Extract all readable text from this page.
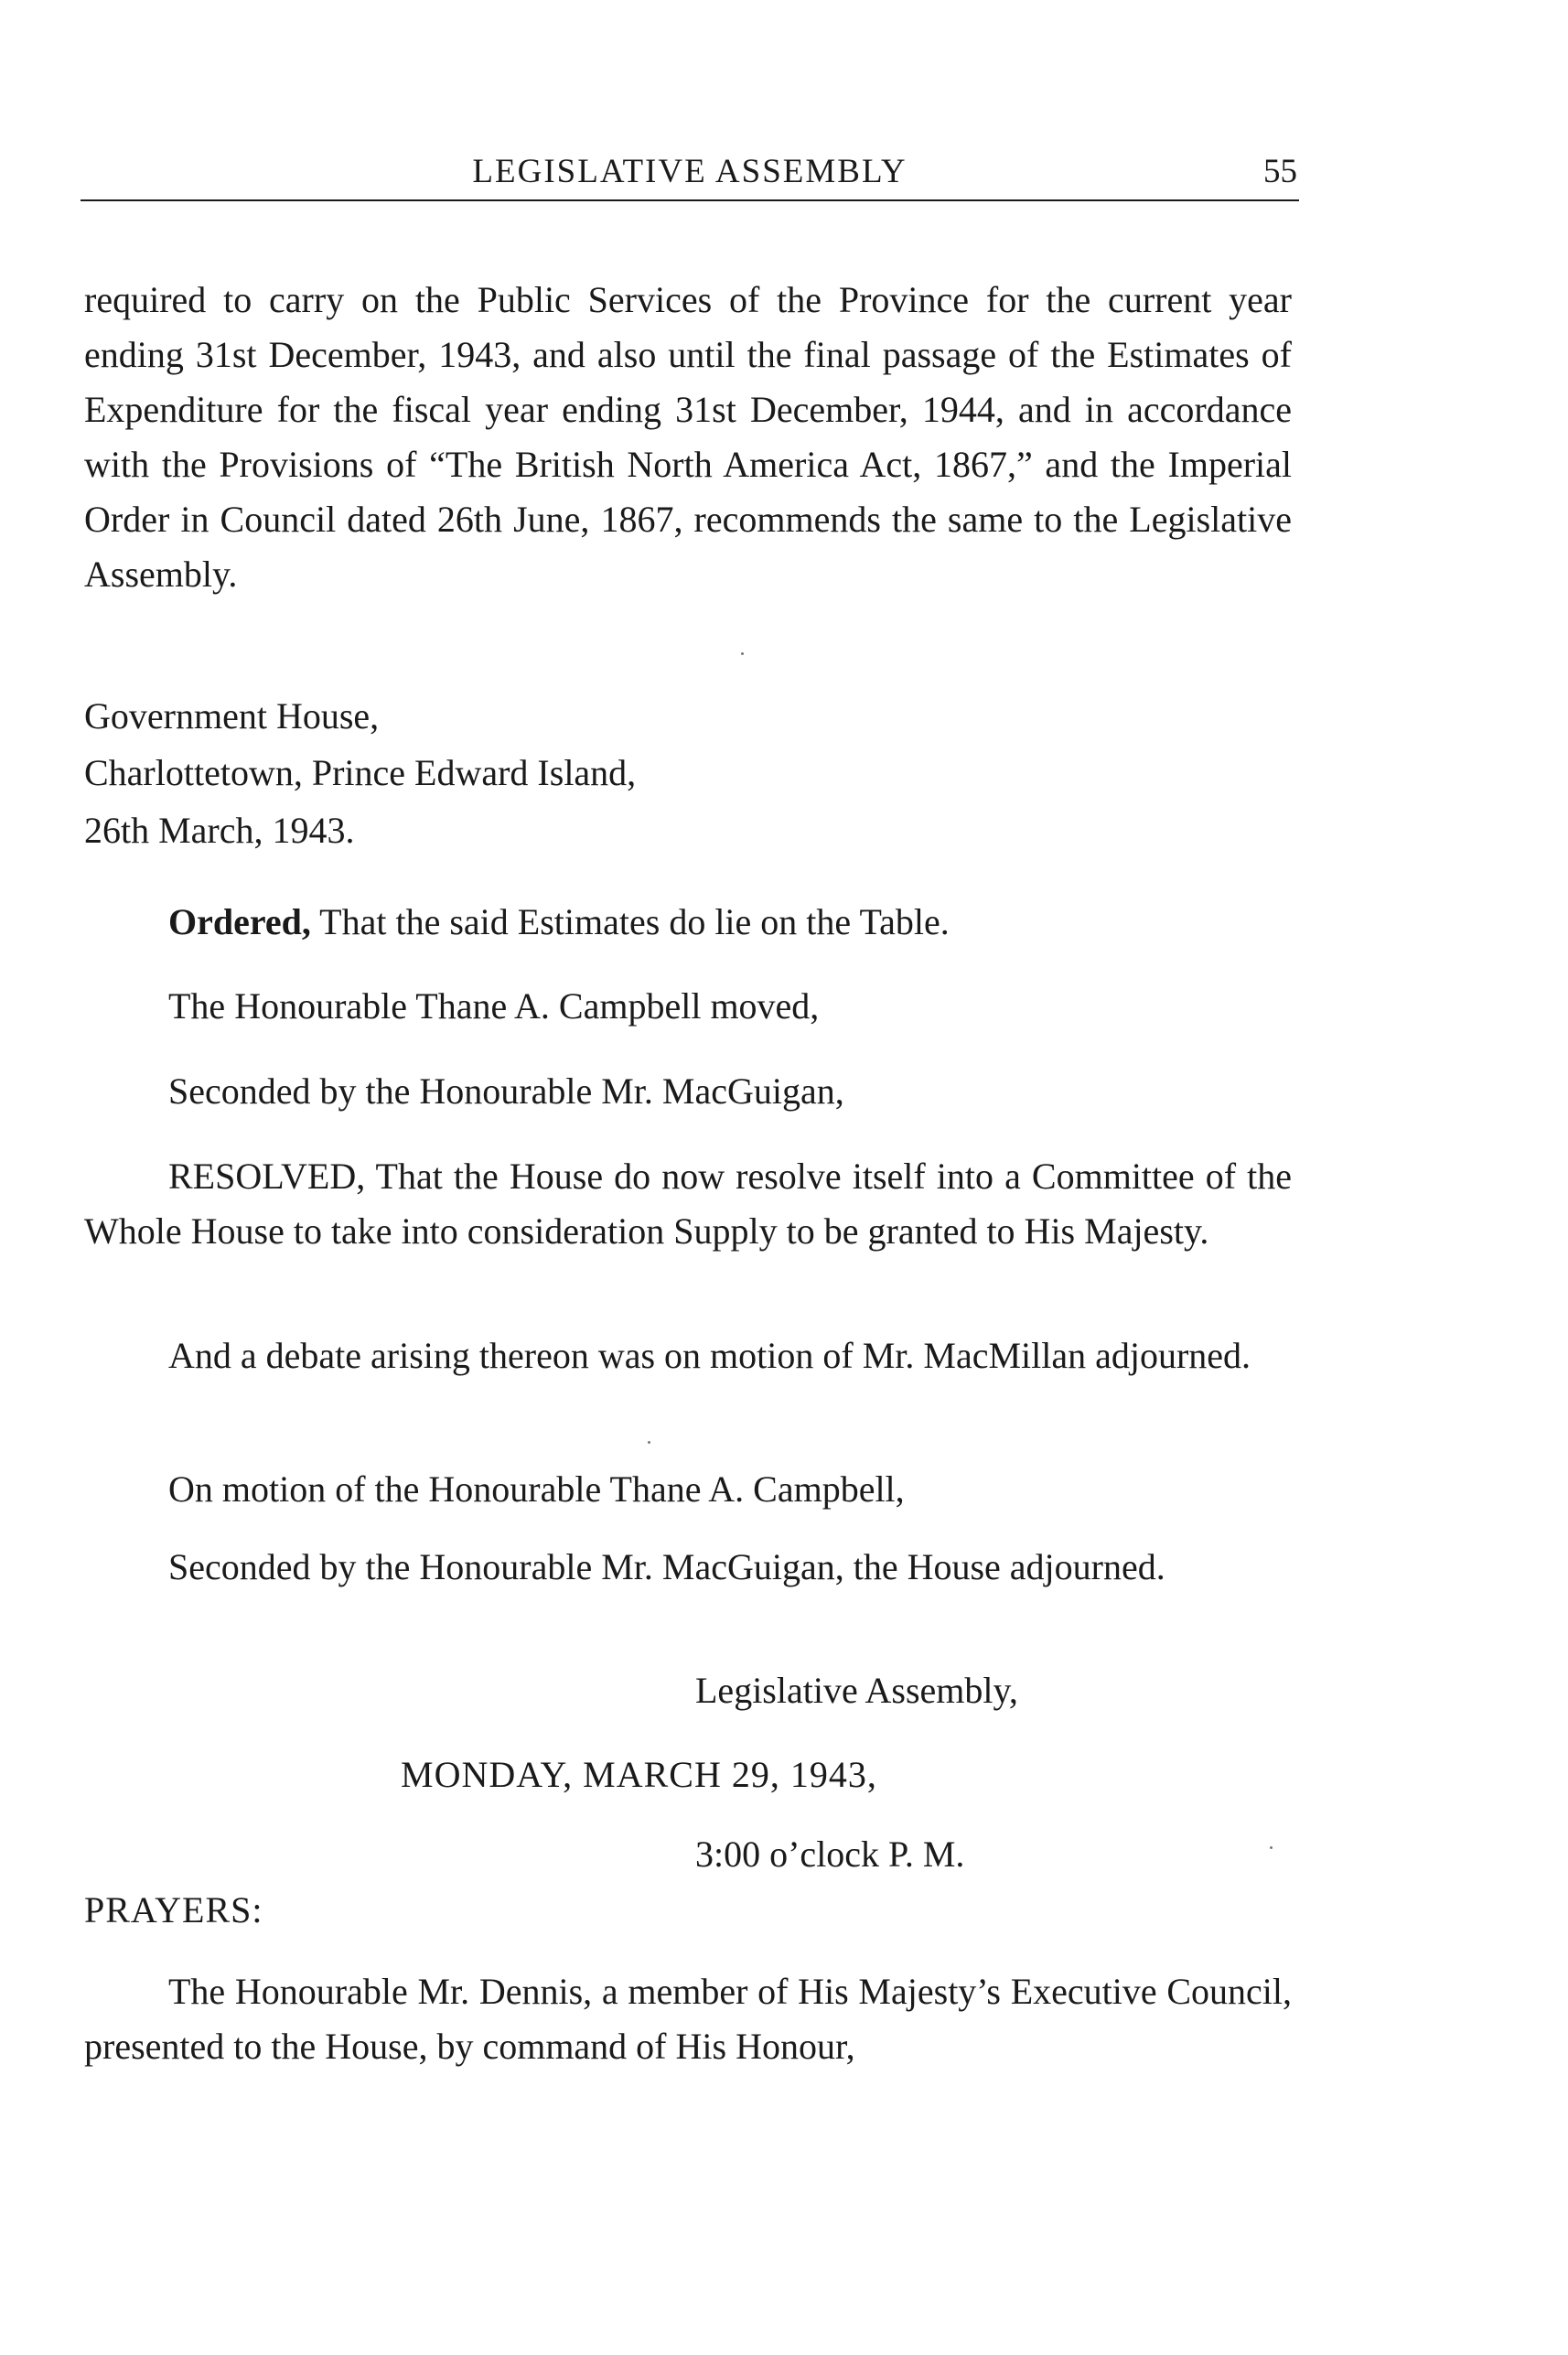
LEGISLATIVE ASSEMBLY	55

required to carry on the Public Services of the Province for the current year ending 31st December, 1943, and also until the final passage of the Estimates of Expenditure for the fiscal year ending 31st December, 1944, and in accordance with the Provisions of “The British North America Act, 1867,” and the Imperial Order in Council dated 26th June, 1867, recommends the same to the Legislative Assembly.

Government House,

Charlottetown, Prince Edward Island,

26th March, 1943.

Ordered, That the said Estimates do lie on the Table.

The Honourable Thane A. Campbell moved,

Seconded by the Honourable Mr. MacGuigan,

RESOLVED, That the House do now resolve itself into a Committee of the Whole House to take into consideration Supply to be granted to His Majesty.

And a debate arising thereon was on motion of Mr. MacMillan adjourned.

On motion of the Honourable Thane A. Campbell,

Seconded by the Honourable Mr. MacGuigan, the House adjourned.

Legislative Assembly,

MONDAY, MARCH 29, 1943,

3:00 o’clock P. M.

PRAYERS:

The Honourable Mr. Dennis, a member of His Majesty’s Executive Council, presented to the House, by command of His Honour,
